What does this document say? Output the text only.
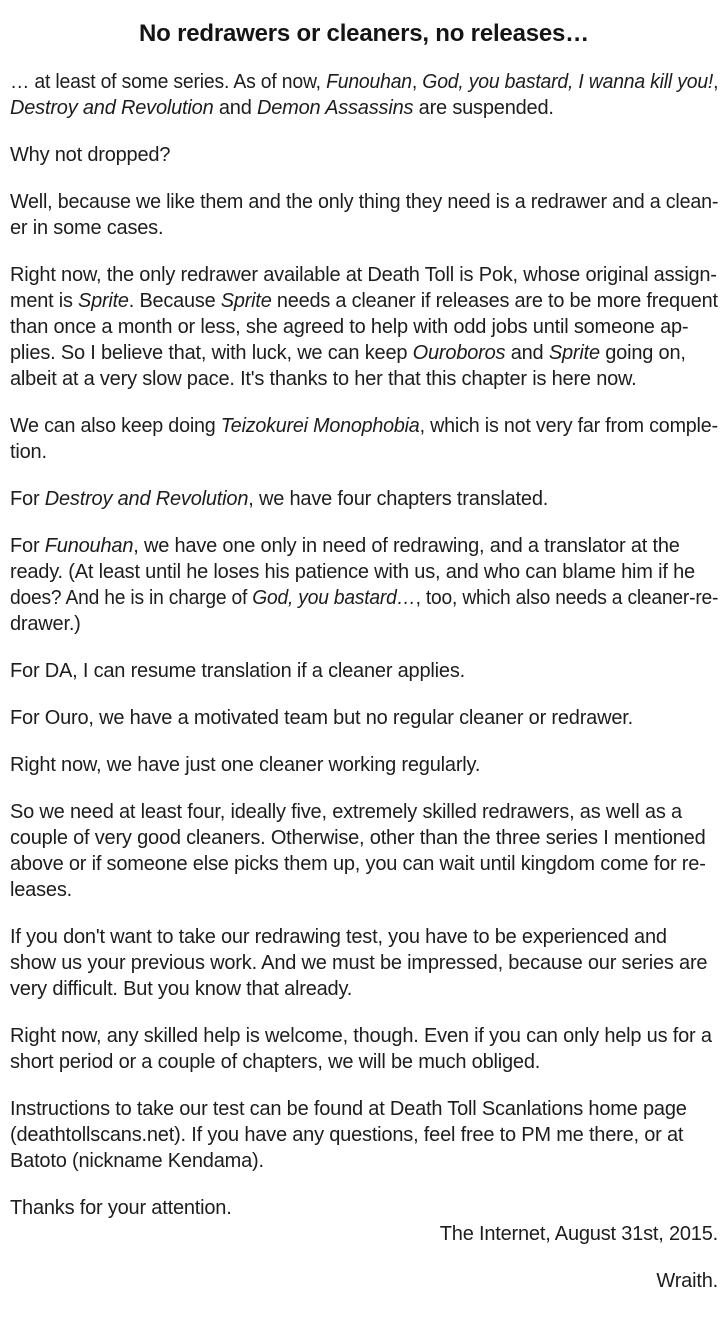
No redrawers or cleaners, no releases…

… at least of some series. As of now, Funouhan, God, you bastard, I wanna kill you!,
Destroy and Revolution and Demon Assassins are suspended.

Why not dropped?

Well, because we like them and the only thing they need is a redrawer and a clean-
er in some cases.

Right now, the only redrawer available at Death Toll is Pok, whose original assign-
ment is Sprite. Because Sprite needs a cleaner if releases are to be more frequent
than once a month or less, she agreed to help with odd jobs until someone ap-
plies. So I believe that, with luck, we can keep Ouroboros and Sprite going on,
albeit at a very slow pace. It's thanks to her that this chapter is here now.

We can also keep doing Teizokurei Monophobia, which is not very far from comple-
tion.

For Destroy and Revolution, we have four chapters translated.

For Funouhan, we have one only in need of redrawing, and a translator at the
ready. (At least until he loses his patience with us, and who can blame him if he
does? And he is in charge of God, you bastard…, too, which also needs a cleaner-re-
drawer.)

For DA, I can resume translation if a cleaner applies.

For Ouro, we have a motivated team but no regular cleaner or redrawer.

Right now, we have just one cleaner working regularly.

So we need at least four, ideally five, extremely skilled redrawers, as well as a
couple of very good cleaners. Otherwise, other than the three series I mentioned
above or if someone else picks them up, you can wait until kingdom come for re-
leases.

If you don't want to take our redrawing test, you have to be experienced and
show us your previous work. And we must be impressed, because our series are
very difficult. But you know that already.

Right now, any skilled help is welcome, though. Even if you can only help us for a
short period or a couple of chapters, we will be much obliged.

Instructions to take our test can be found at Death Toll Scanlations home page
(deathtollscans.net). If you have any questions, feel free to PM me there, or at
Batoto (nickname Kendama).

Thanks for your attention.

The Internet, August 31st, 2015.

Wraith.
